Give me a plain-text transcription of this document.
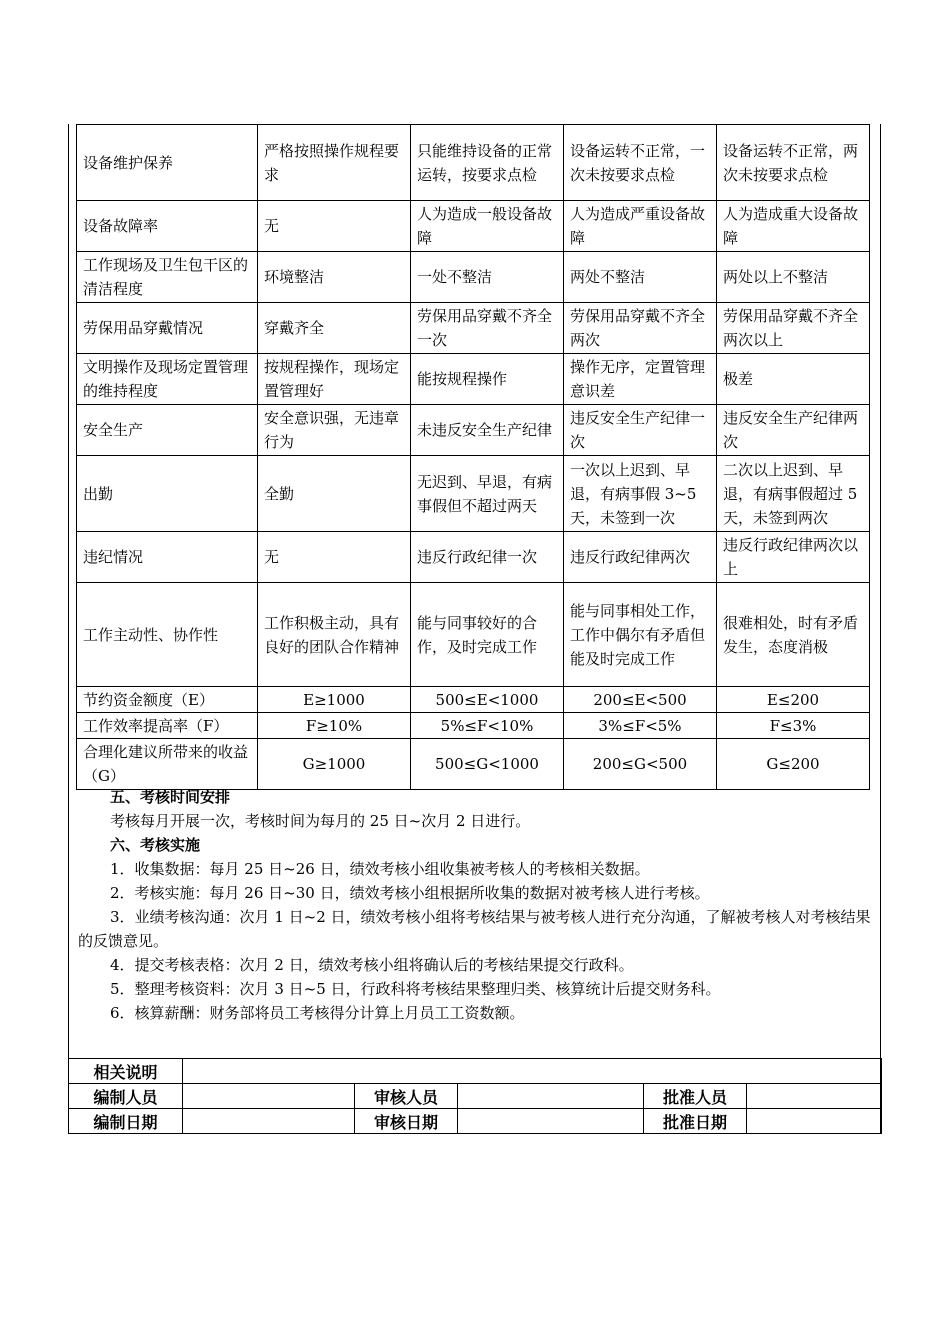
设备维护保养	严格按照操作规程要求	只能维持设备的正常运转，按要求点检	设备运转不正常，一次未按要求点检	设备运转不正常，两次未按要求点检
设备故障率	无	人为造成一般设备故障	人为造成严重设备故障	人为造成重大设备故障
工作现场及卫生包干区的清洁程度	环境整洁	一处不整洁	两处不整洁	两处以上不整洁
劳保用品穿戴情况	穿戴齐全	劳保用品穿戴不齐全一次	劳保用品穿戴不齐全两次	劳保用品穿戴不齐全两次以上
文明操作及现场定置管理的维持程度	按规程操作，现场定置管理好	能按规程操作	操作无序，定置管理意识差	极差
安全生产	安全意识强，无违章行为	未违反安全生产纪律	违反安全生产纪律一次	违反安全生产纪律两次
出勤	全勤	无迟到、早退，有病事假但不超过两天	一次以上迟到、早退，有病事假 3~5 天，未签到一次	二次以上迟到、早退，有病事假超过 5 天，未签到两次
违纪情况	无	违反行政纪律一次	违反行政纪律两次	违反行政纪律两次以上
工作主动性、协作性	工作积极主动，具有良好的团队合作精神	能与同事较好的合作，及时完成工作	能与同事相处工作，工作中偶尔有矛盾但能及时完成工作	很难相处，时有矛盾发生，态度消极
节约资金额度（E）	E≥1000	500≤E<1000	200≤E<500	E≤200
工作效率提高率（F）	F≥10%	5%≤F<10%	3%≤F<5%	F≤3%
合理化建议所带来的收益（G）	G≥1000	500≤G<1000	200≤G<500	G≤200
五、考核时间安排
考核每月开展一次，考核时间为每月的 25 日~次月 2 日进行。
六、考核实施
1．收集数据：每月 25 日~26 日，绩效考核小组收集被考核人的考核相关数据。
2．考核实施：每月 26 日~30 日，绩效考核小组根据所收集的数据对被考核人进行考核。
3．业绩考核沟通：次月 1 日~2 日，绩效考核小组将考核结果与被考核人进行充分沟通，了解被考核人对考核结果的反馈意见。
4．提交考核表格：次月 2 日，绩效考核小组将确认后的考核结果提交行政科。
5．整理考核资料：次月 3 日~5 日，行政科将考核结果整理归类、核算统计后提交财务科。
6．核算薪酬：财务部将员工考核得分计算上月员工工资数额。
相关说明					
编制人员		审核人员		批准人员	
编制日期		审核日期		批准日期	
